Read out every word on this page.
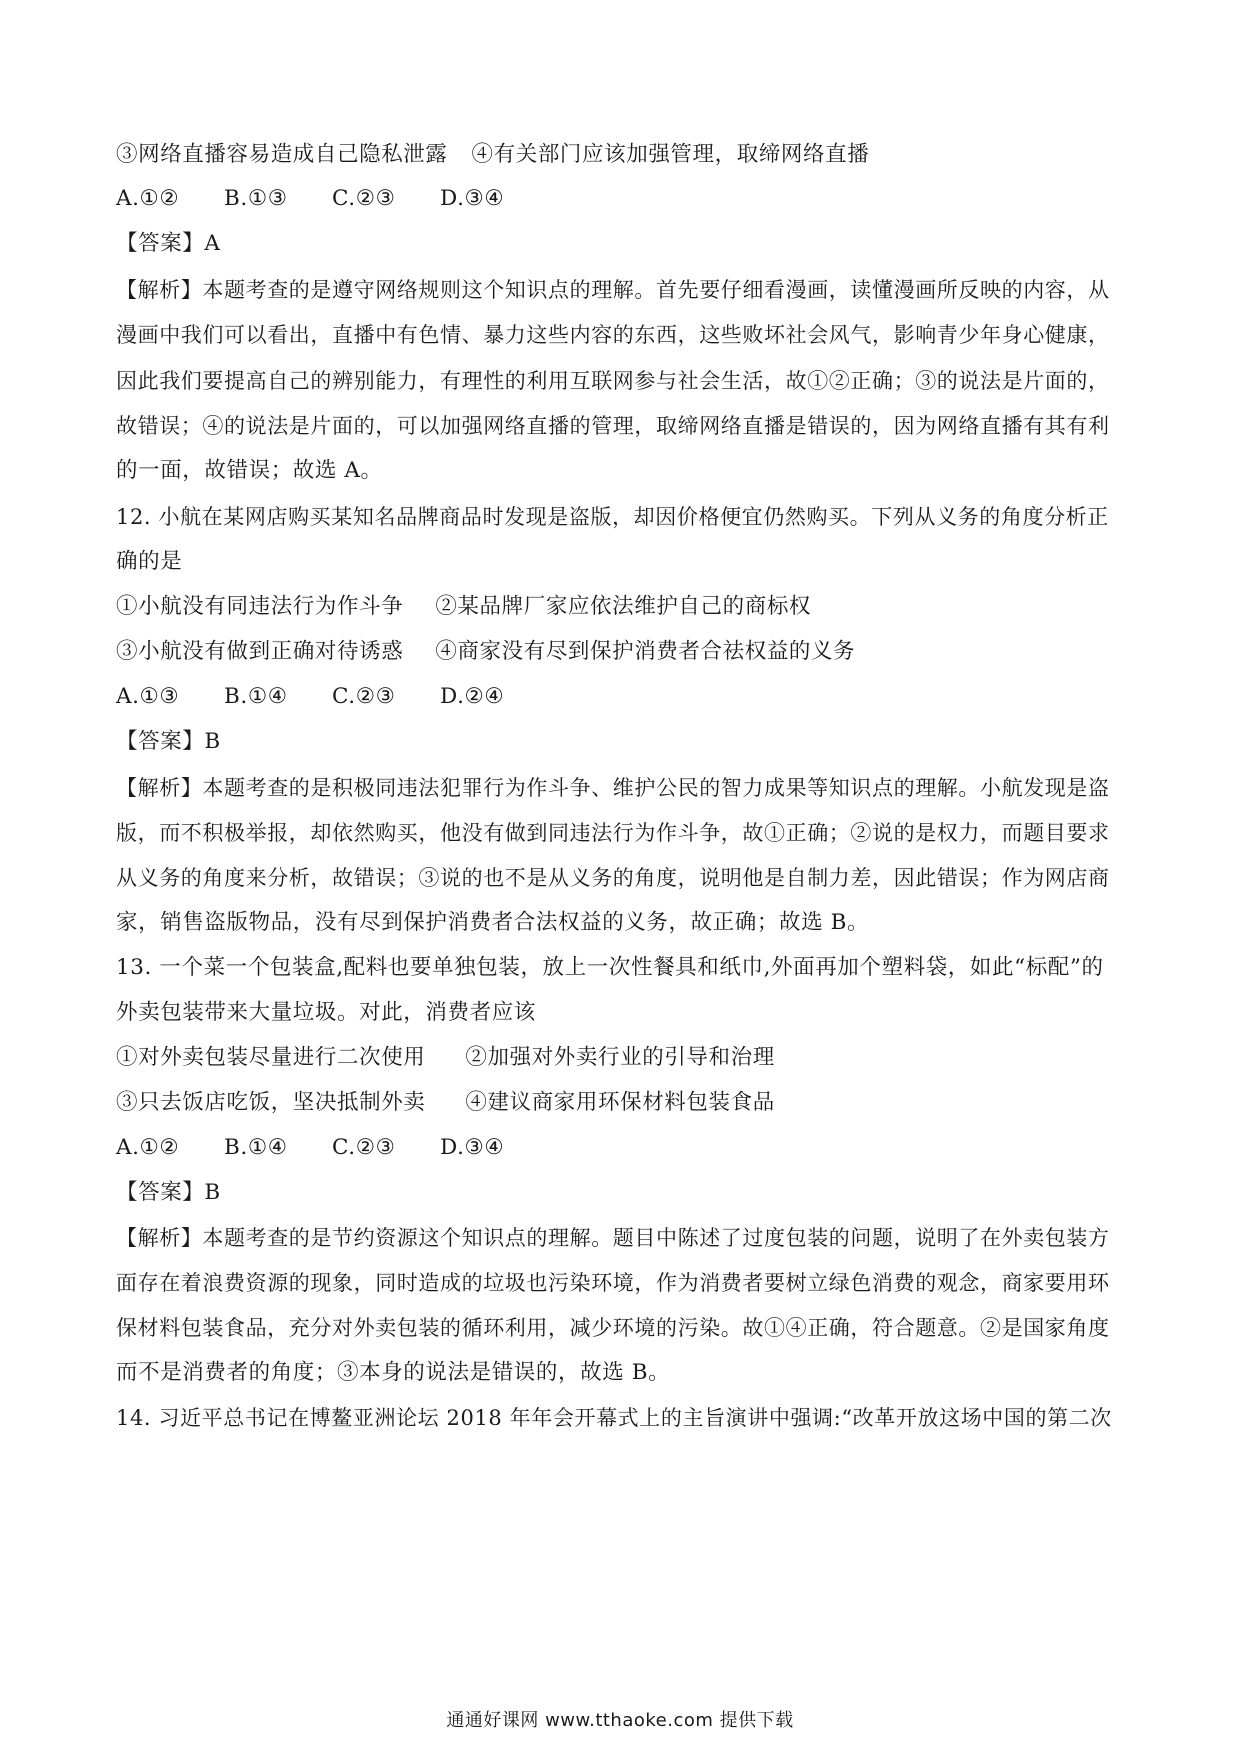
③网络直播容易造成自己隐私泄露 ④有关部门应该加强管理，取缔网络直播
A.①② B.①③ C.②③ D.③④
【答案】A
【解析】本题考查的是遵守网络规则这个知识点的理解。首先要仔细看漫画，读懂漫画所反映的内容，从
漫画中我们可以看出，直播中有色情、暴力这些内容的东西，这些败坏社会风气，影响青少年身心健康，
因此我们要提高自己的辨别能力，有理性的利用互联网参与社会生活，故①②正确；③的说法是片面的，
故错误；④的说法是片面的，可以加强网络直播的管理，取缔网络直播是错误的，因为网络直播有其有利
的一面，故错误；故选 A。
12. 小航在某网店购买某知名品牌商品时发现是盗版，却因价格便宜仍然购买。下列从义务的角度分析正
确的是
①小航没有同违法行为作斗争 ②某品牌厂家应依法维护自己的商标权
③小航没有做到正确对待诱惑 ④商家没有尽到保护消费者合祛权益的义务
A.①③ B.①④ C.②③ D.②④
【答案】B
【解析】本题考查的是积极同违法犯罪行为作斗争、维护公民的智力成果等知识点的理解。小航发现是盗
版，而不积极举报，却依然购买，他没有做到同违法行为作斗争，故①正确；②说的是权力，而题目要求
从义务的角度来分析，故错误；③说的也不是从义务的角度，说明他是自制力差，因此错误；作为网店商
家，销售盗版物品，没有尽到保护消费者合法权益的义务，故正确；故选 B。
13. 一个菜一个包装盒,配料也要单独包装，放上一次性餐具和纸巾,外面再加个塑料袋，如此“标配”的
外卖包装带来大量垃圾。对此，消费者应该
①对外卖包装尽量进行二次使用 ②加强对外卖行业的引导和治理
③只去饭店吃饭，坚决抵制外卖 ④建议商家用环保材料包装食品
A.①② B.①④ C.②③ D.③④
【答案】B
【解析】本题考查的是节约资源这个知识点的理解。题目中陈述了过度包装的问题，说明了在外卖包装方
面存在着浪费资源的现象，同时造成的垃圾也污染环境，作为消费者要树立绿色消费的观念，商家要用环
保材料包装食品，充分对外卖包装的循环利用，减少环境的污染。故①④正确，符合题意。②是国家角度
而不是消费者的角度；③本身的说法是错误的，故选 B。
14. 习近平总书记在博鳌亚洲论坛 2018 年年会开幕式上的主旨演讲中强调:“改革开放这场中国的第二次
通通好课网 www.tthaoke.com 提供下载
